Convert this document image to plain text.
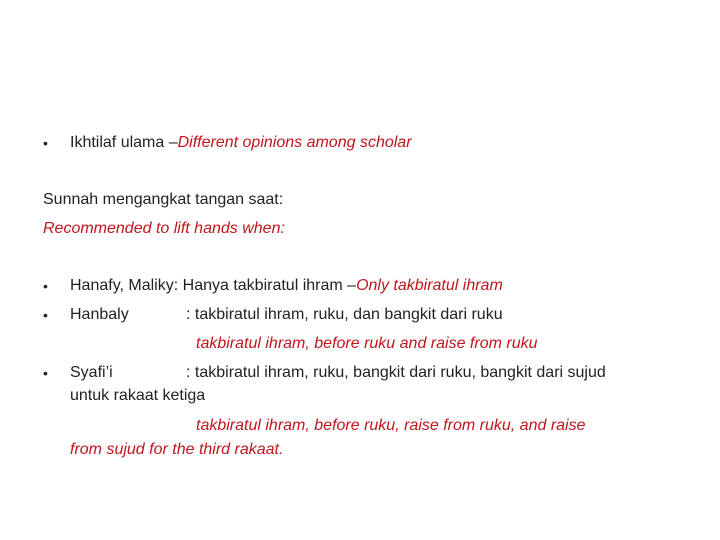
• Ikhtilaf ulama –Different opinions among scholar
Sunnah mengangkat tangan saat:
Recommended to lift hands when:
• Hanafy, Maliky: Hanya takbiratul ihram –Only takbiratul ihram
• Hanbaly	: takbiratul ihram, ruku, dan bangkit dari ruku
takbiratul ihram, before ruku and raise from ruku
• Syafi’i	: takbiratul ihram, ruku, bangkit dari ruku, bangkit dari sujud
untuk rakaat ketiga
takbiratul ihram, before ruku, raise from ruku, and raise
from sujud for the third rakaat.
